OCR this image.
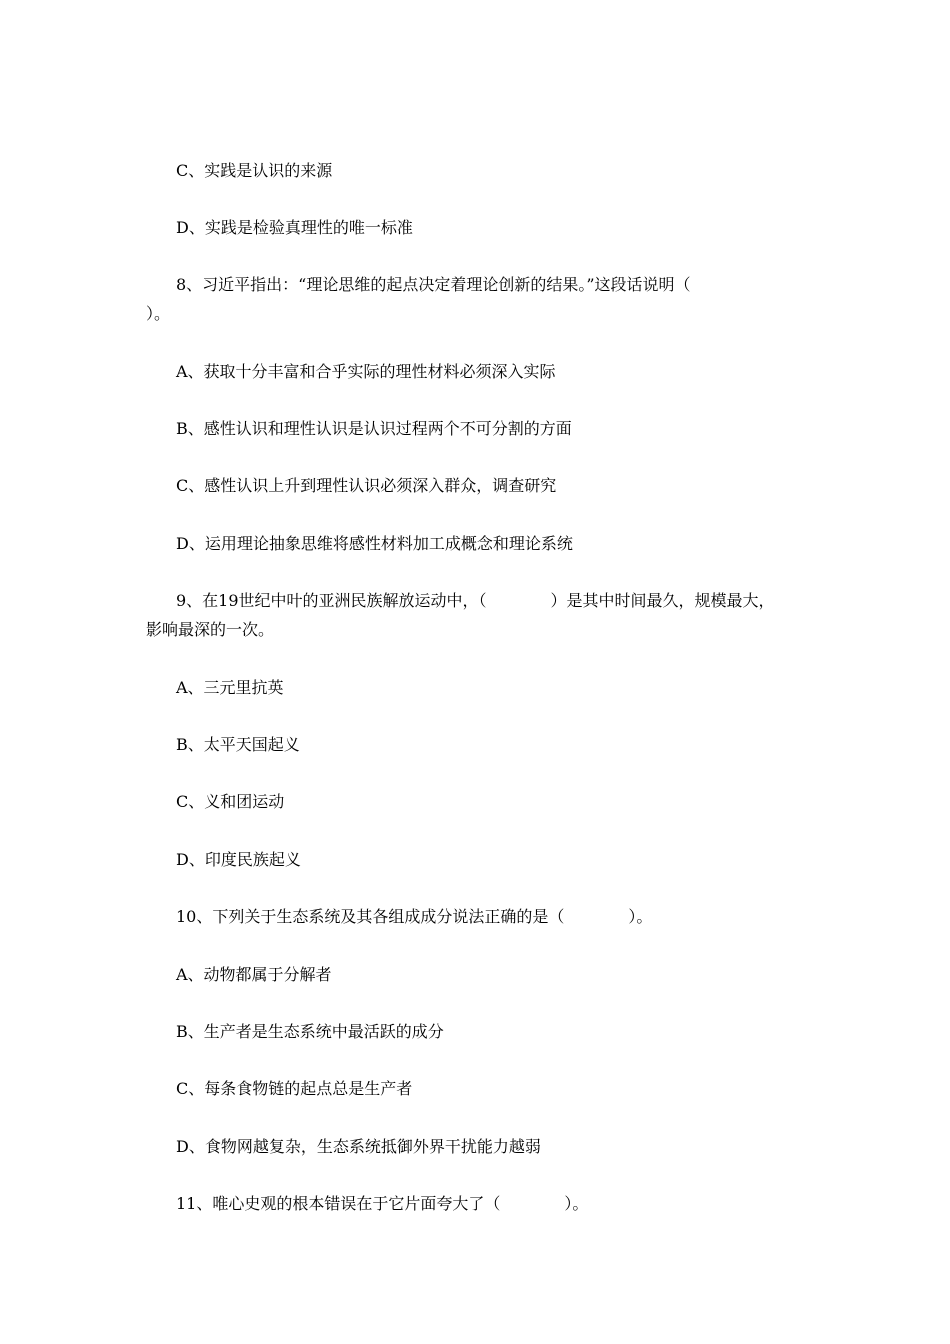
C、实践是认识的来源

D、实践是检验真理性的唯一标准

8、习近平指出：“理论思维的起点决定着理论创新的结果。”这段话说明（

）。

A、获取十分丰富和合乎实际的理性材料必须深入实际

B、感性认识和理性认识是认识过程两个不可分割的方面

C、感性认识上升到理性认识必须深入群众，调查研究

D、运用理论抽象思维将感性材料加工成概念和理论系统

9、在19世纪中叶的亚洲民族解放运动中，（　　　　）是其中时间最久，规模最大，

影响最深的一次。

A、三元里抗英

B、太平天国起义

C、义和团运动

D、印度民族起义

10、下列关于生态系统及其各组成成分说法正确的是（　　　　）。

A、动物都属于分解者

B、生产者是生态系统中最活跃的成分

C、每条食物链的起点总是生产者

D、食物网越复杂，生态系统抵御外界干扰能力越弱

11、唯心史观的根本错误在于它片面夸大了（　　　　）。
